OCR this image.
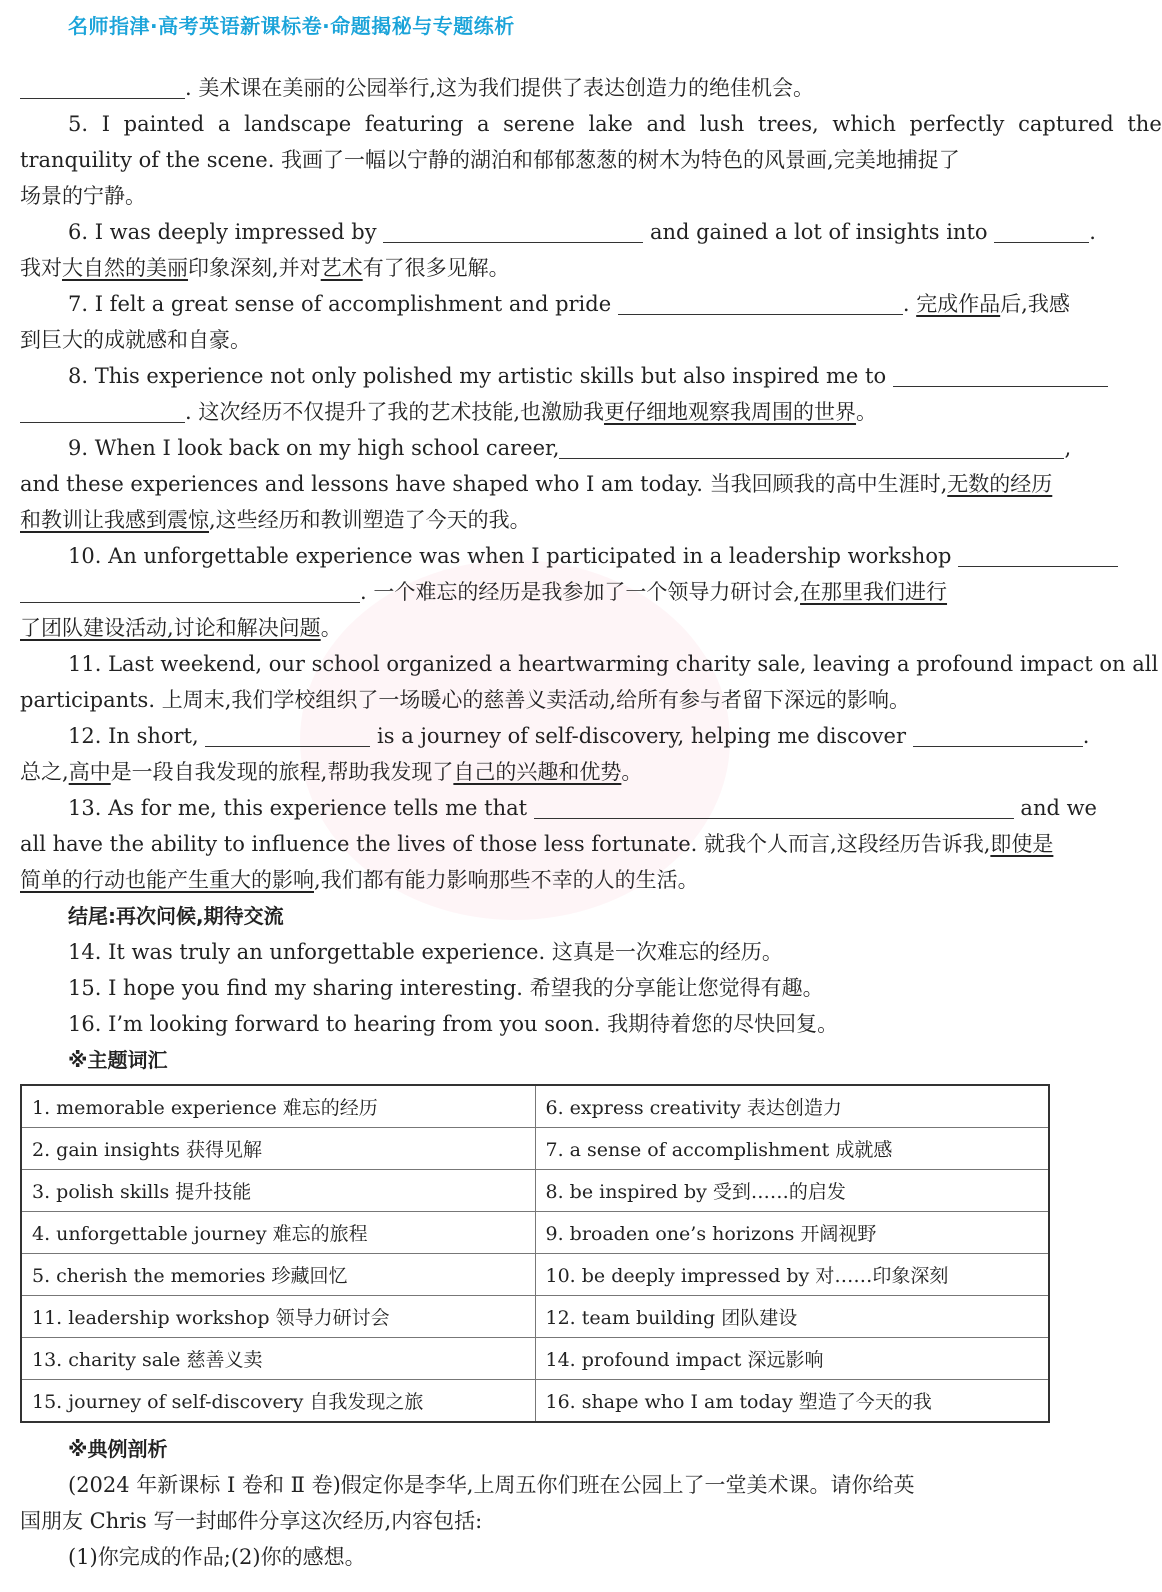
名师指津·高考英语新课标卷·命题揭秘与专题练析
. 美术课在美丽的公园举行,这为我们提供了表达创造力的绝佳机会。
5. I painted a landscape featuring a serene lake and lush trees, which perfectly captured the
tranquility of the scene. 我画了一幅以宁静的湖泊和郁郁葱葱的树木为特色的风景画,完美地捕捉了
场景的宁静。
6. I was deeply impressed by	and gained a lot of insights into	.
我对大自然的美丽印象深刻,并对艺术有了很多见解。
7. I felt a great sense of accomplishment and pride	. 完成作品后,我感
到巨大的成就感和自豪。
8. This experience not only polished my artistic skills but also inspired me to
. 这次经历不仅提升了我的艺术技能,也激励我更仔细地观察我周围的世界。
9. When I look back on my high school career,	,
and these experiences and lessons have shaped who I am today. 当我回顾我的高中生涯时,无数的经历
和教训让我感到震惊,这些经历和教训塑造了今天的我。
10. An unforgettable experience was when I participated in a leadership workshop
. 一个难忘的经历是我参加了一个领导力研讨会,在那里我们进行
了团队建设活动,讨论和解决问题。
11. Last weekend, our school organized a heartwarming charity sale, leaving a profound impact on all
participants. 上周末,我们学校组织了一场暖心的慈善义卖活动,给所有参与者留下深远的影响。
12. In short,	is a journey of self-discovery, helping me discover	.
总之,高中是一段自我发现的旅程,帮助我发现了自己的兴趣和优势。
13. As for me, this experience tells me that	and we
all have the ability to influence the lives of those less fortunate. 就我个人而言,这段经历告诉我,即使是
简单的行动也能产生重大的影响,我们都有能力影响那些不幸的人的生活。
结尾:再次问候,期待交流
14. It was truly an unforgettable experience. 这真是一次难忘的经历。
15. I hope you find my sharing interesting. 希望我的分享能让您觉得有趣。
16. I’m looking forward to hearing from you soon. 我期待着您的尽快回复。
※主题词汇
1. memorable experience 难忘的经历	6. express creativity 表达创造力
2. gain insights 获得见解	7. a sense of accomplishment 成就感
3. polish skills 提升技能	8. be inspired by 受到……的启发
4. unforgettable journey 难忘的旅程	9. broaden one’s horizons 开阔视野
5. cherish the memories 珍藏回忆	10. be deeply impressed by 对……印象深刻
11. leadership workshop 领导力研讨会	12. team building 团队建设
13. charity sale 慈善义卖	14. profound impact 深远影响
15. journey of self-discovery 自我发现之旅	16. shape who I am today 塑造了今天的我
※典例剖析
(2024 年新课标 I 卷和 Ⅱ 卷)假定你是李华,上周五你们班在公园上了一堂美术课。请你给英
国朋友 Chris 写一封邮件分享这次经历,内容包括:
(1)你完成的作品;(2)你的感想。
